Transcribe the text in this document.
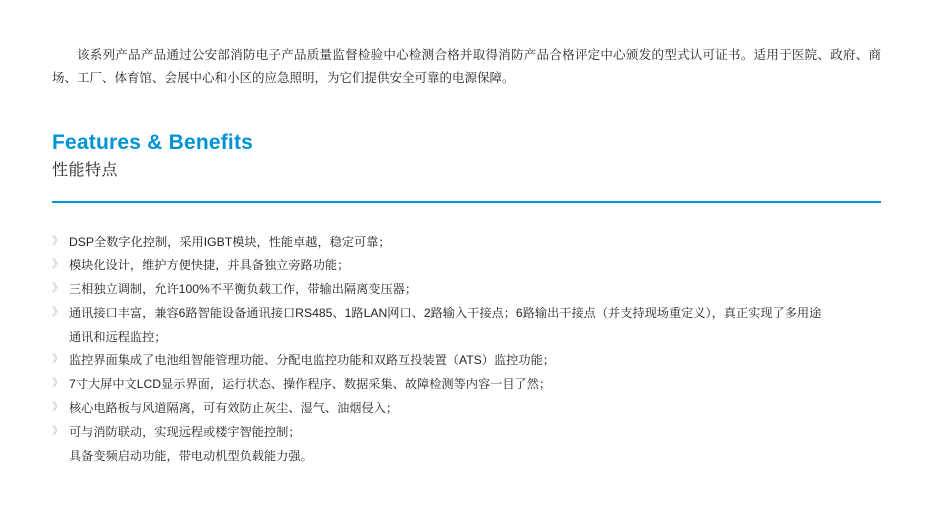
该系列产品产品通过公安部消防电子产品质量监督检验中心检测合格并取得消防产品合格评定中心颁发的型式认可证书。适用于医院、政府、商场、工厂、体育馆、会展中心和小区的应急照明，为它们提供安全可靠的电源保障。

Features & Benefits
性能特点
》 DSP全数字化控制，采用IGBT模块，性能卓越，稳定可靠；
》 模块化设计，维护方便快捷，并具备独立旁路功能；
》 三相独立调制，允许100%不平衡负载工作，带输出隔离变压器；
》 通讯接口丰富，兼容6路智能设备通讯接口RS485、1路LAN网口、2路输入干接点；6路输出干接点（并支持现场重定义），真正实现了多用途
通讯和远程监控；
》 监控界面集成了电池组智能管理功能、分配电监控功能和双路互投装置（ATS）监控功能；
》 7寸大屏中文LCD显示界面，运行状态、操作程序、数据采集、故障检测等内容一目了然；
》 核心电路板与风道隔离，可有效防止灰尘、湿气、油烟侵入；
》 可与消防联动，实现远程或楼宇智能控制；
具备变频启动功能，带电动机型负载能力强。
